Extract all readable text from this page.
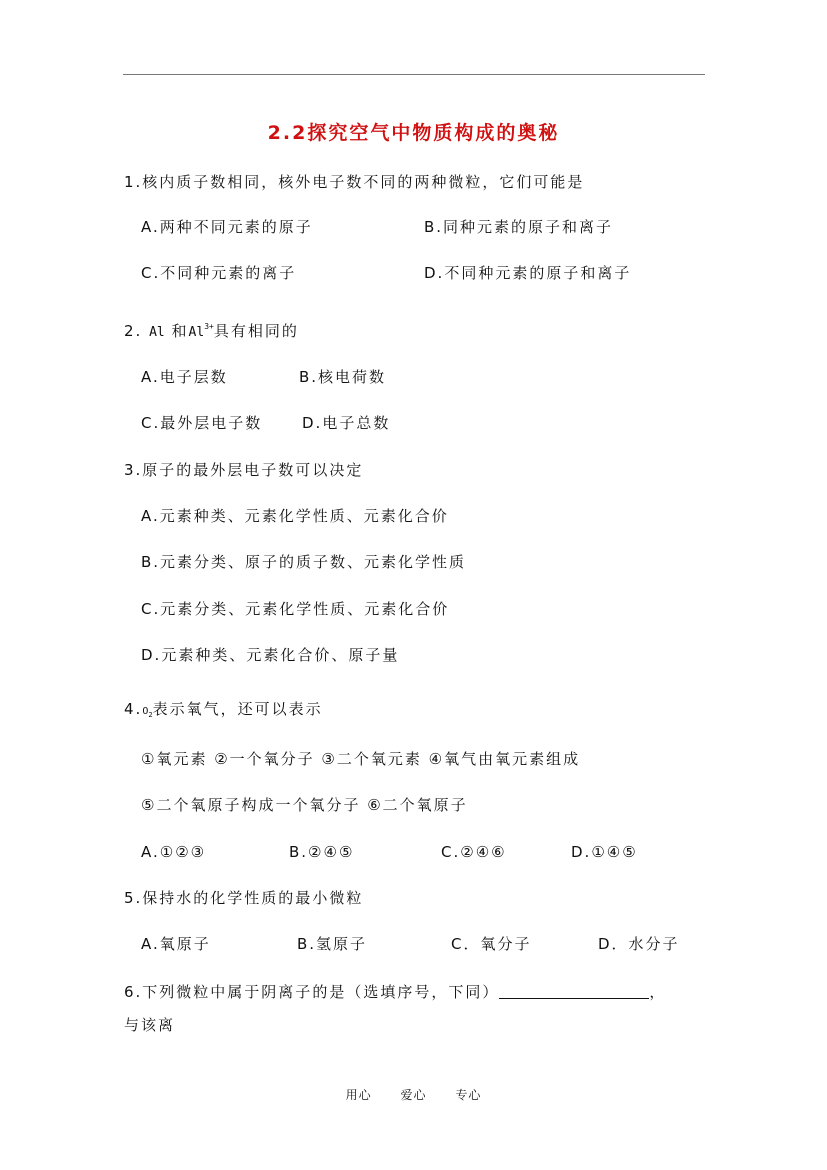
2.2探究空气中物质构成的奥秘
1.核内质子数相同，核外电子数不同的两种微粒，它们可能是
A.两种不同元素的原子	B.同种元素的原子和离子
C.不同种元素的离子	D.不同种元素的原子和离子
2. Al 和$Al^{3+}$具有相同的
A.电子层数	B.核电荷数
C.最外层电子数	D.电子总数
3.原子的最外层电子数可以决定
A.元素种类、元素化学性质、元素化合价
B.元素分类、原子的质子数、元素化学性质
C.元素分类、元素化学性质、元素化合价
D.元素种类、元素化合价、原子量
$4.O_2$表示氧气，还可以表示
①氧元素 ②一个氧分子 ③二个氧元素 ④氧气由氧元素组成
⑤二个氧原子构成一个氧分子 ⑥二个氧原子
A.①②③	B.②④⑤	C.②④⑥	D.①④⑤
5.保持水的化学性质的最小微粒
A.氧原子	B.氢原子	C．氧分子	D．水分子
6.下列微粒中属于阴离子的是（选填序号，下同）	，
与该离
用心 爱心 专心
